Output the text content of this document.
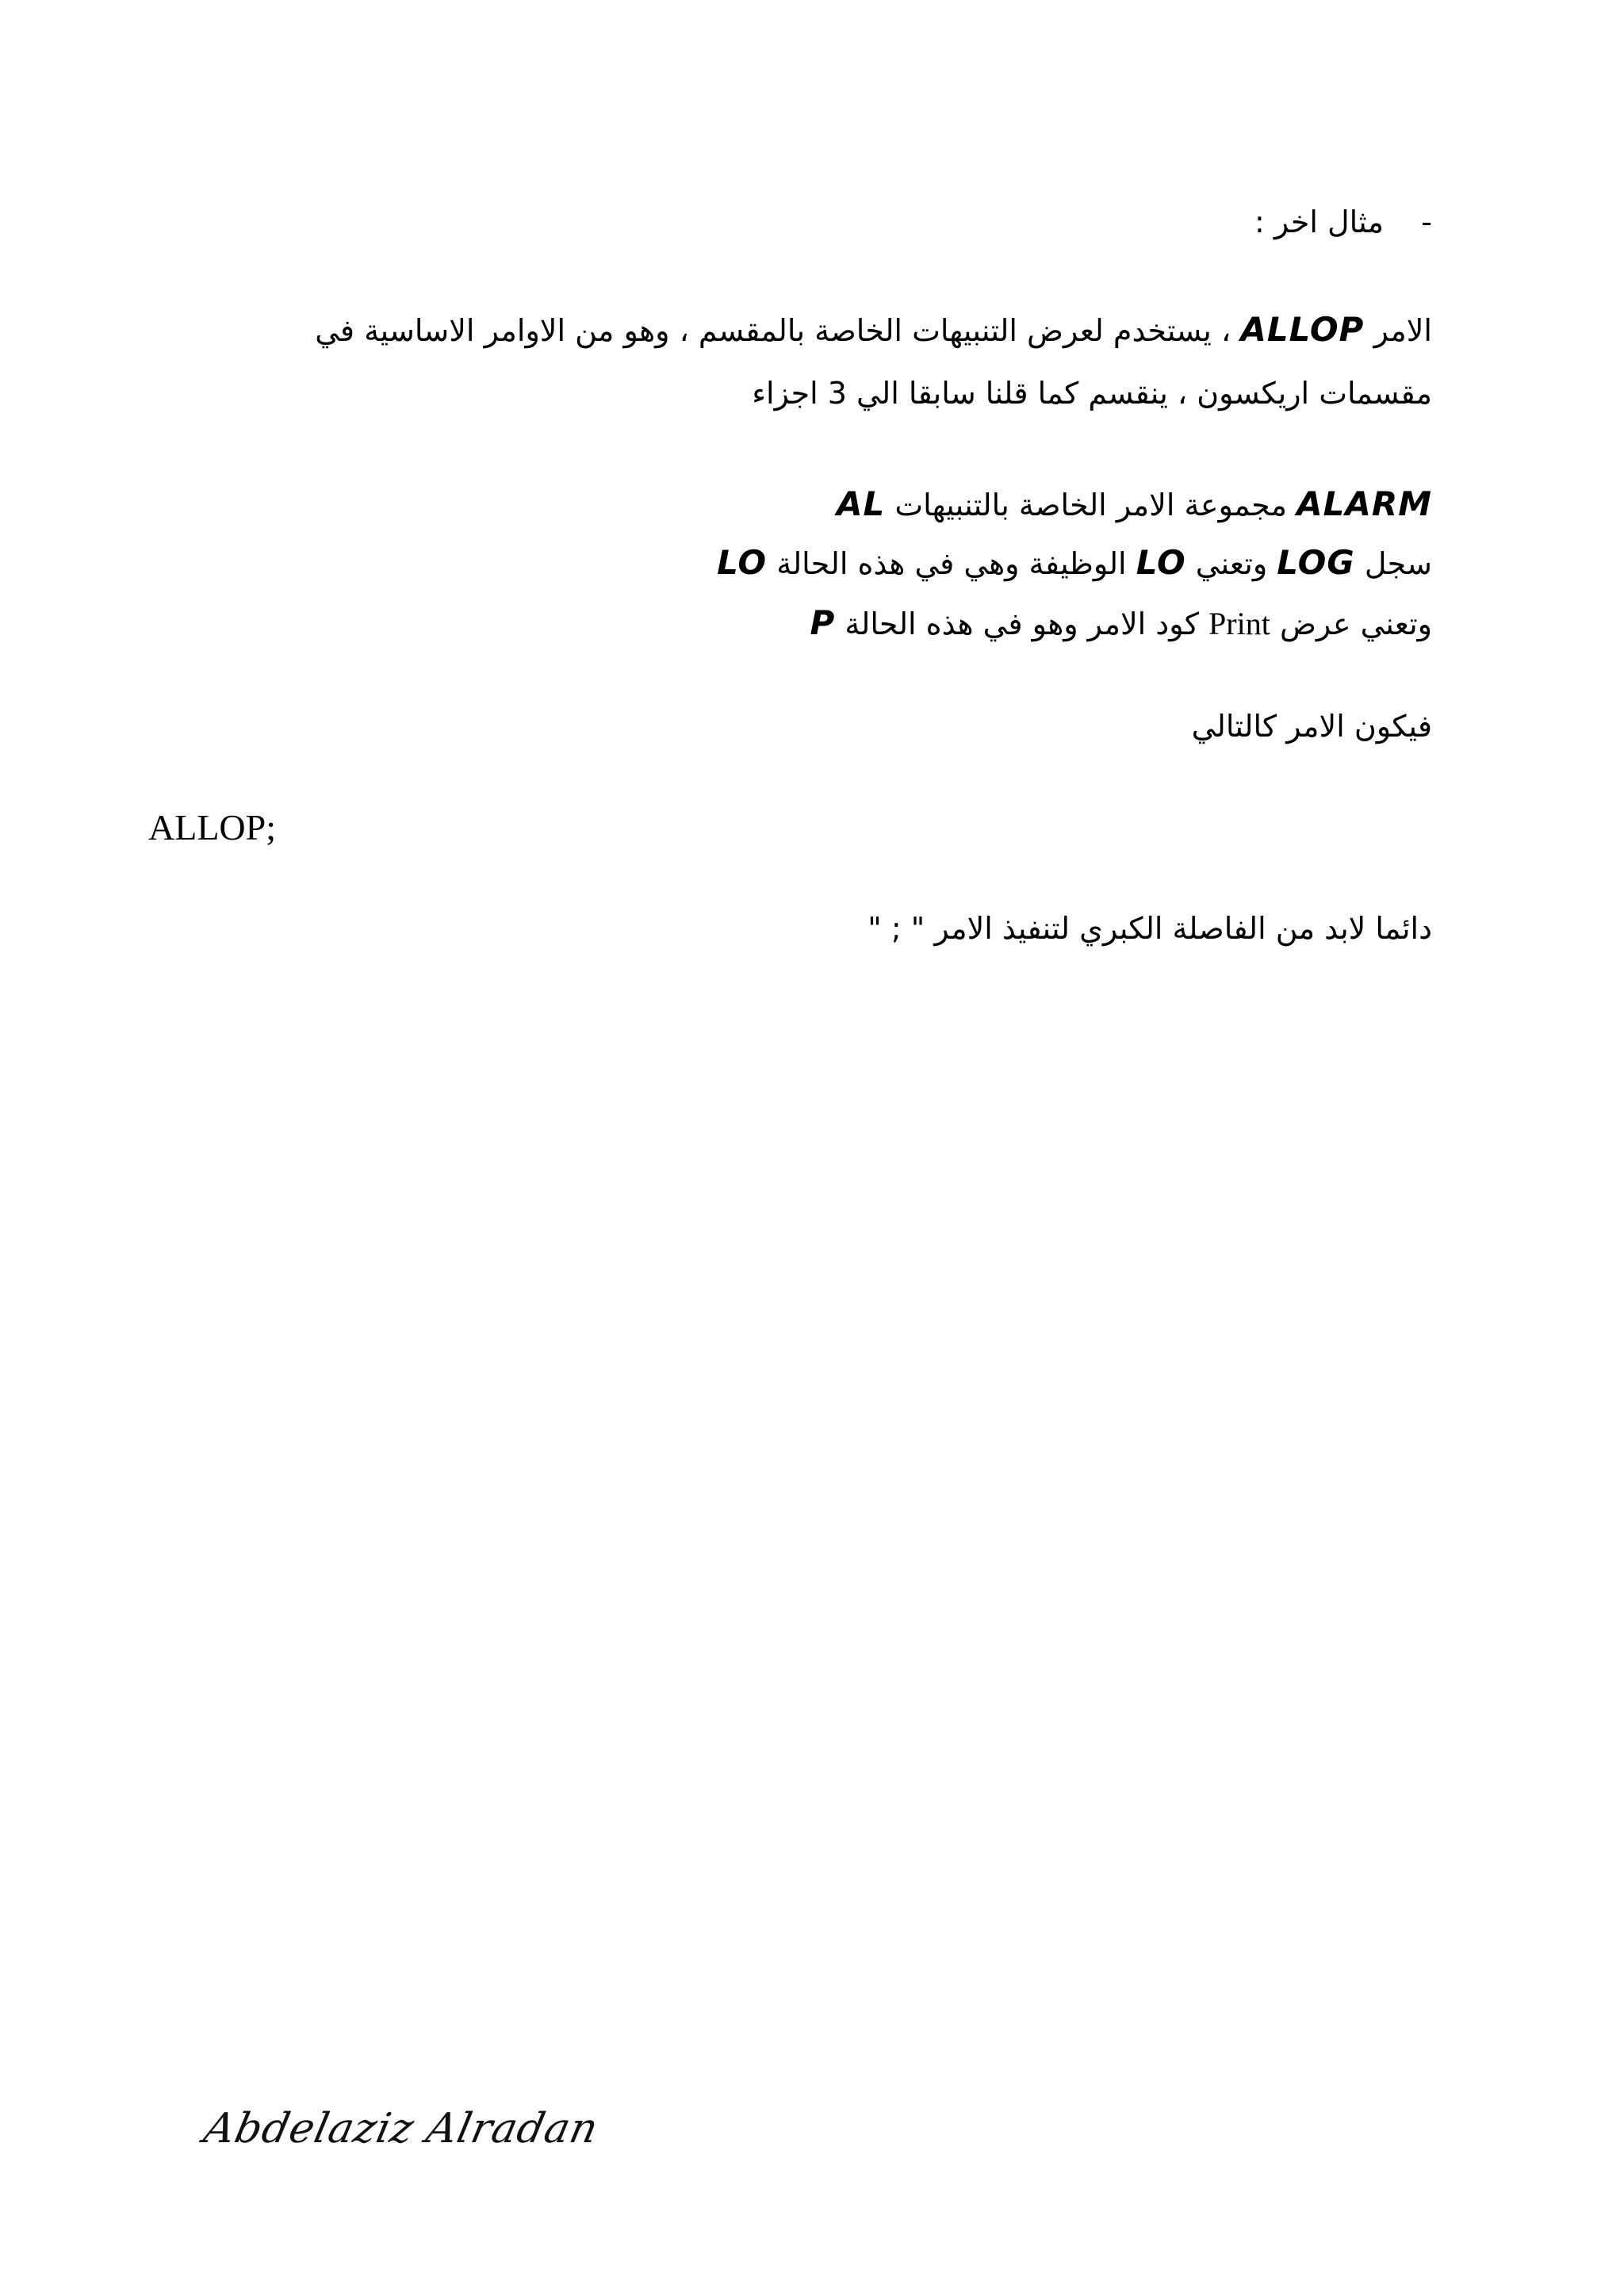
-

مثال اخر :

الامر ALLOP ، يستخدم لعرض التنبيهات الخاصة بالمقسم ، وهو من الاوامر الاساسية في

مقسمات اريكسون ، ينقسم كما قلنا سابقا الي 3 اجزاء

AL مجموعة الامر الخاصة بالتنبيهات ALARM

LO الوظيفة وهي في هذه الحالة LO وتعني LOG سجل

P كود الامر وهو في هذه الحالة Print وتعني عرض

فيكون الامر كالتالي

ALLOP;

دائما لابد من الفاصلة الكبري لتنفيذ الامر " ; "

Abdelaziz Alradan
